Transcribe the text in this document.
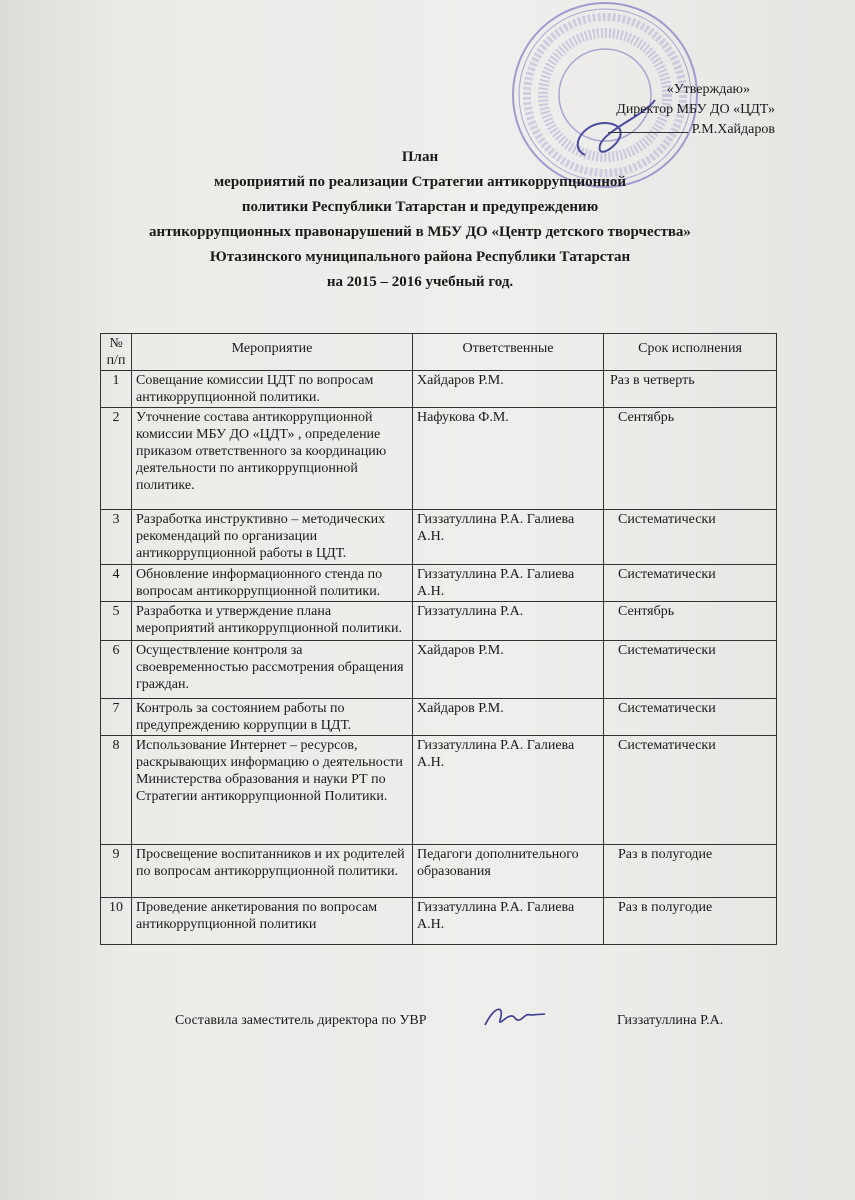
«Утверждаю»
Директор МБУ ДО «ЦДТ»
Р.М.Хайдаров
План
мероприятий по реализации Стратегии антикоррупционной
политики Республики Татарстан и предупреждению
антикоррупционных правонарушений в МБУ ДО «Центр детского творчества»
Ютазинского муниципального района Республики Татарстан
на 2015 – 2016 учебный год.
№ п/п	Мероприятие	Ответственные	Срок исполнения
1	Совещание комиссии ЦДТ по вопросам антикоррупционной политики.	Хайдаров Р.М.	Раз в четверть
2	Уточнение состава антикоррупционной комиссии МБУ ДО «ЦДТ» , определение приказом ответственного за координацию деятельности по антикоррупционной политике.	Нафукова Ф.М.	Сентябрь
3	Разработка инструктивно – методических рекомендаций по организации антикоррупционной работы в ЦДТ.	Гиззатуллина Р.А. Галиева А.Н.	Систематически
4	Обновление информационного стенда по вопросам антикоррупционной политики.	Гиззатуллина Р.А. Галиева А.Н.	Систематически
5	Разработка и утверждение плана мероприятий антикоррупционной политики.	Гиззатуллина Р.А.	Сентябрь
6	Осуществление контроля за своевременностью рассмотрения обращения граждан.	Хайдаров Р.М.	Систематически
7	Контроль за состоянием работы по предупреждению коррупции в ЦДТ.	Хайдаров Р.М.	Систематически
8	Использование Интернет – ресурсов, раскрывающих информацию о деятельности Министерства образования и науки РТ по Стратегии антикоррупционной Политики.	Гиззатуллина Р.А. Галиева А.Н.	Систематически
9	Просвещение воспитанников и их родителей по вопросам антикоррупционной политики.	Педагоги дополнительного образования	Раз в полугодие
10	Проведение анкетирования по вопросам антикоррупционной политики	Гиззатуллина Р.А. Галиева А.Н.	Раз в полугодие
Составила заместитель директора по УВР	Гиззатуллина Р.А.
